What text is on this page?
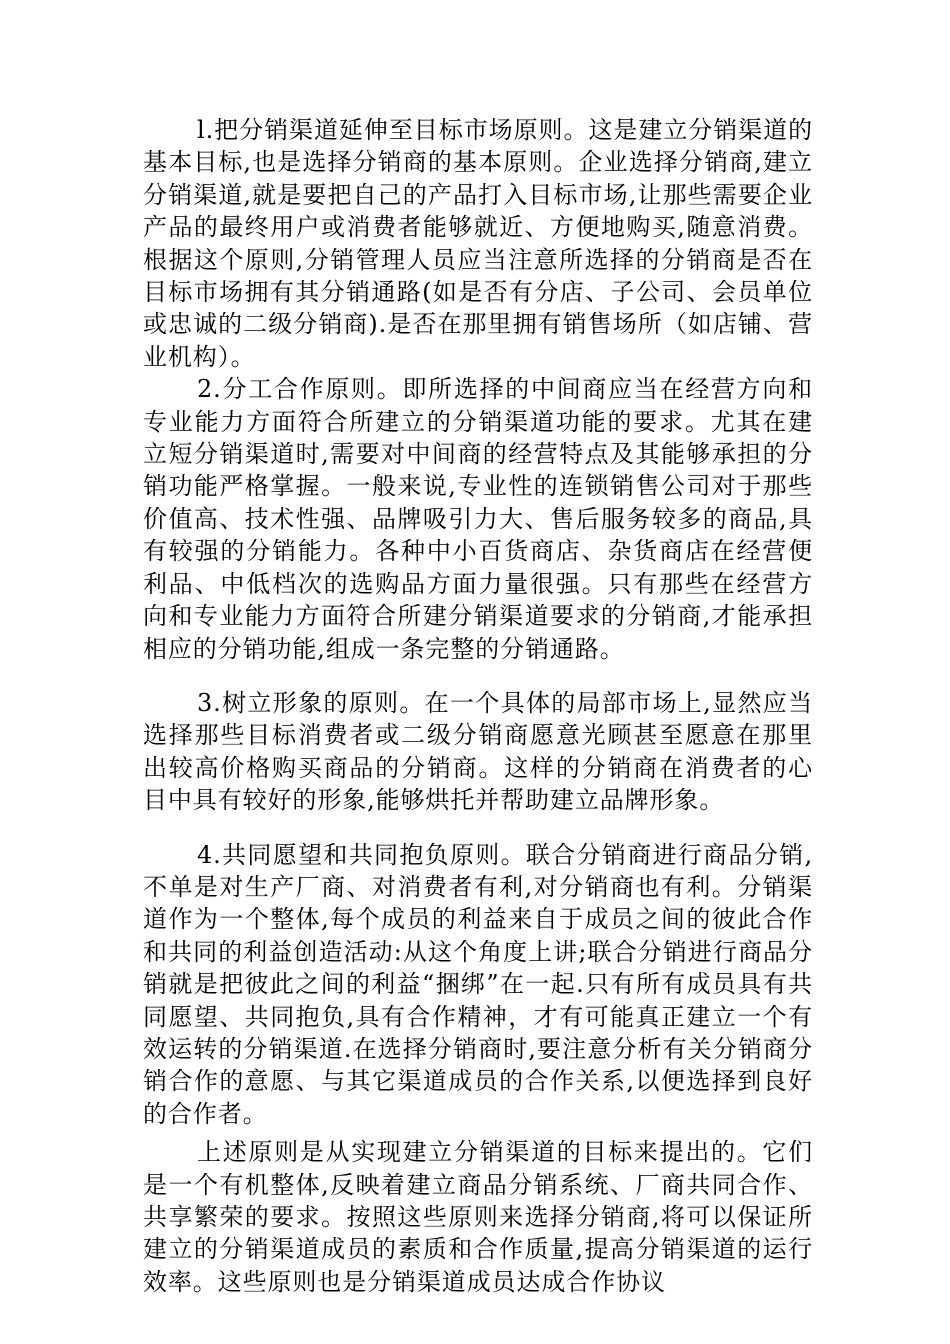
l.把分销渠道延伸至目标市场原则。这是建立分销渠道的基本目标,也是选择分销商的基本原则。企业选择分销商,建立分销渠道,就是要把自己的产品打入目标市场,让那些需要企业产品的最终用户或消费者能够就近、方便地购买,随意消费。根据这个原则,分销管理人员应当注意所选择的分销商是否在目标市场拥有其分销通路(如是否有分店、子公司、会员单位或忠诚的二级分销商).是否在那里拥有销售场所（如店铺、营业机构）。

2.分工合作原则。即所选择的中间商应当在经营方向和专业能力方面符合所建立的分销渠道功能的要求。尤其在建立短分销渠道时,需要对中间商的经营特点及其能够承担的分销功能严格掌握。一般来说,专业性的连锁销售公司对于那些价值高、技术性强、品牌吸引力大、售后服务较多的商品,具有较强的分销能力。各种中小百货商店、杂货商店在经营便利品、中低档次的选购品方面力量很强。只有那些在经营方向和专业能力方面符合所建分销渠道要求的分销商,才能承担相应的分销功能,组成一条完整的分销通路。

3.树立形象的原则。在一个具体的局部市场上,显然应当选择那些目标消费者或二级分销商愿意光顾甚至愿意在那里出较高价格购买商品的分销商。这样的分销商在消费者的心目中具有较好的形象,能够烘托并帮助建立品牌形象。

4.共同愿望和共同抱负原则。联合分销商进行商品分销,不单是对生产厂商、对消费者有利,对分销商也有利。分销渠道作为一个整体,每个成员的利益来自于成员之间的彼此合作和共同的利益创造活动:从这个角度上讲;联合分销进行商品分销就是把彼此之间的利益“捆绑”在一起.只有所有成员具有共同愿望、共同抱负,具有合作精神，才有可能真正建立一个有效运转的分销渠道.在选择分销商时,要注意分析有关分销商分销合作的意愿、与其它渠道成员的合作关系,以便选择到良好的合作者。

上述原则是从实现建立分销渠道的目标来提出的。它们是一个有机整体,反映着建立商品分销系统、厂商共同合作、共享繁荣的要求。按照这些原则来选择分销商,将可以保证所建立的分销渠道成员的素质和合作质量,提高分销渠道的运行效率。这些原则也是分销渠道成员达成合作协议
